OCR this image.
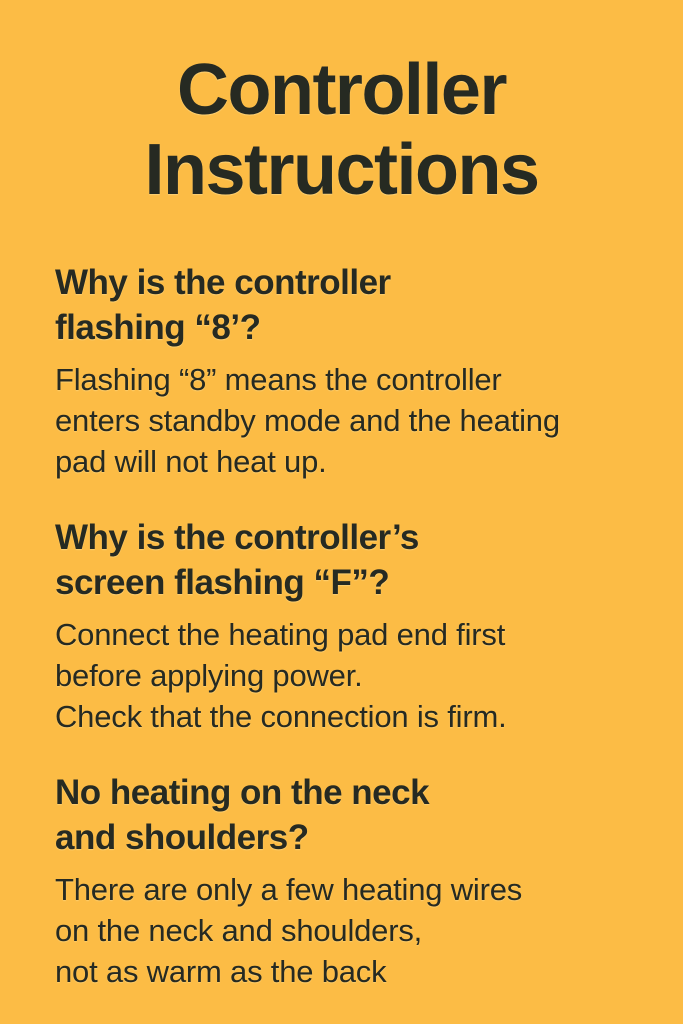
Controller
Instructions
Why is the controller
flashing “8’?

Flashing “8” means the controller
enters standby mode and the heating
pad will not heat up.

Why is the controller’s
screen flashing “F”?

Connect the heating pad end first
before applying power.
Check that the connection is firm.

No heating on the neck
and shoulders?

There are only a few heating wires
on the neck and shoulders,
not as warm as the back
